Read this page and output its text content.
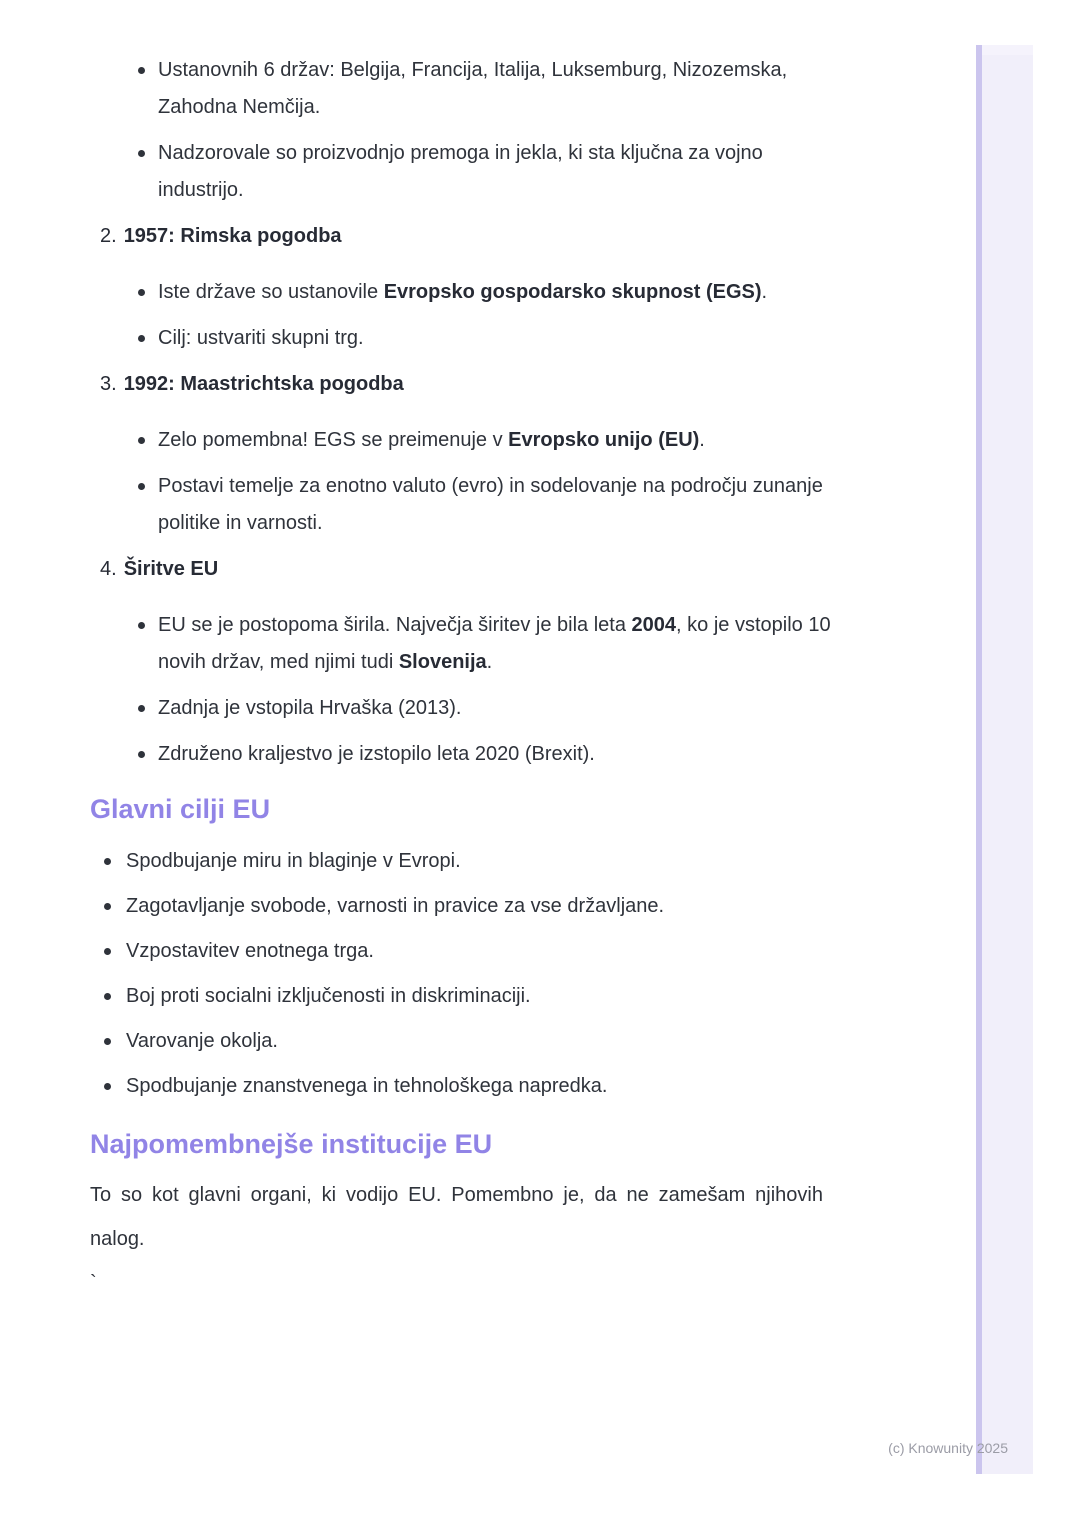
Ustanovnih 6 držav: Belgija, Francija, Italija, Luksemburg, Nizozemska, Zahodna Nemčija.
Nadzorovale so proizvodnjo premoga in jekla, ki sta ključna za vojno industrijo.
2. 1957: Rimska pogodba
Iste države so ustanovile Evropsko gospodarsko skupnost (EGS).
Cilj: ustvariti skupni trg.
3. 1992: Maastrichtska pogodba
Zelo pomembna! EGS se preimenuje v Evropsko unijo (EU).
Postavi temelje za enotno valuto (evro) in sodelovanje na področju zunanje politike in varnosti.
4. Širitve EU
EU se je postopoma širila. Največja širitev je bila leta 2004, ko je vstopilo 10 novih držav, med njimi tudi Slovenija.
Zadnja je vstopila Hrvaška (2013).
Združeno kraljestvo je izstopilo leta 2020 (Brexit).
Glavni cilji EU
Spodbujanje miru in blaginje v Evropi.
Zagotavljanje svobode, varnosti in pravice za vse državljane.
Vzpostavitev enotnega trga.
Boj proti socialni izključenosti in diskriminaciji.
Varovanje okolja.
Spodbujanje znanstvenega in tehnološkega napredka.
Najpomembnejše institucije EU

To so kot glavni organi, ki vodijo EU. Pomembno je, da ne zamešam njihovih nalog.

`

(c) Knowunity 2025
